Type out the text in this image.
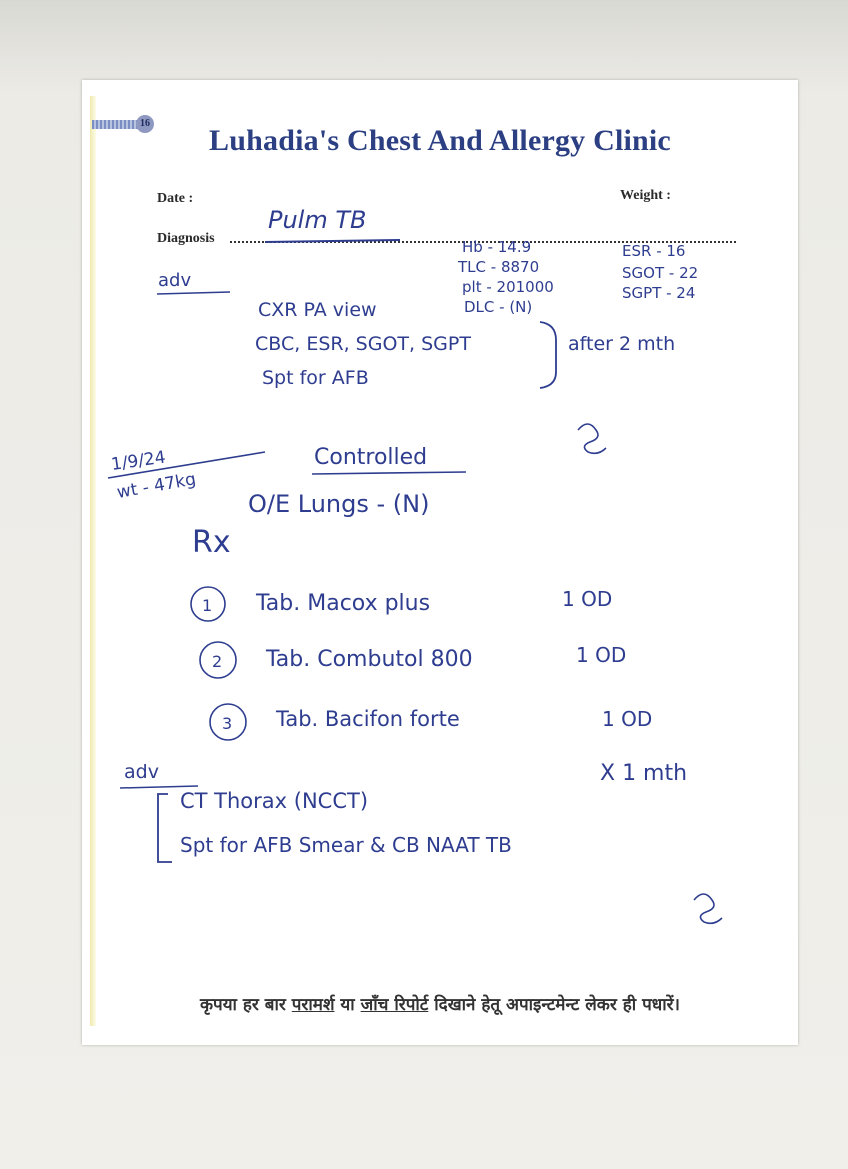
16
Luhadia's Chest And Allergy Clinic
Date :	Weight :
Diagnosis
Pulm TB
Hb - 14.9
TLC - 8870
plt - 201000
DLC - (N)
ESR - 16
SGOT - 22
SGPT - 24
adv
CXR PA view
CBC, ESR, SGOT, SGPT
Spt for AFB
after 2 mth
1/9/24
wt - 47kg
Controlled
O/E Lungs - (N)
Rx
1 Tab. Macox plus	1 OD
2 Tab. Combutol 800	1 OD
3 Tab. Bacifon forte	1 OD
X 1 mth
adv
CT Thorax (NCCT)
Spt for AFB Smear & CB NAAT TB
कृपया हर बार परामर्श या जाँच रिपोर्ट दिखाने हेतू अपाइन्टमेन्ट लेकर ही पधारें।
